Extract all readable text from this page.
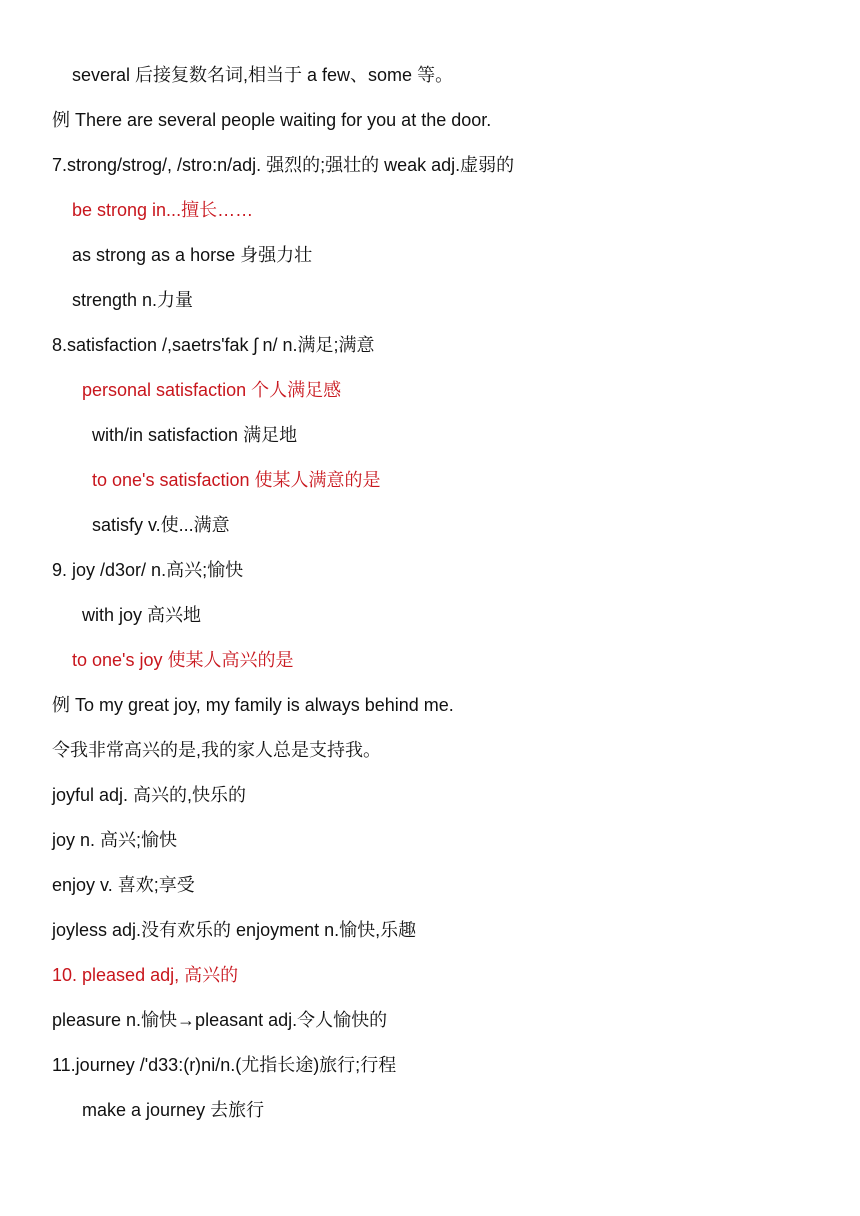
several 后接复数名词,相当于 a few、some 等。
例 There are several people waiting for you at the door.
7.strong/strog/, /stro:n/adj. 强烈的;强壮的 weak adj.虚弱的
be strong in...擅长……
as strong as a horse 身强力壮
strength n.力量
8.satisfaction /,saetrs'fak ʃ n/ n.满足;满意
personal satisfaction 个人满足感
with/in satisfaction 满足地
to one's satisfaction 使某人满意的是
satisfy v.使...满意
9. joy /d3or/ n.高兴;愉快
with joy 高兴地
to one's joy 使某人高兴的是
例 To my great joy, my family is always behind me.
令我非常高兴的是,我的家人总是支持我。
joyful adj. 高兴的,快乐的
joy n. 高兴;愉快
enjoy v. 喜欢;享受
joyless adj.没有欢乐的 enjoyment n.愉快,乐趣
10. pleased adj, 高兴的
pleasure n.愉快→pleasant adj.令人愉快的
11.journey /'d33:(r)ni/n.(尤指长途)旅行;行程
make a journey 去旅行
